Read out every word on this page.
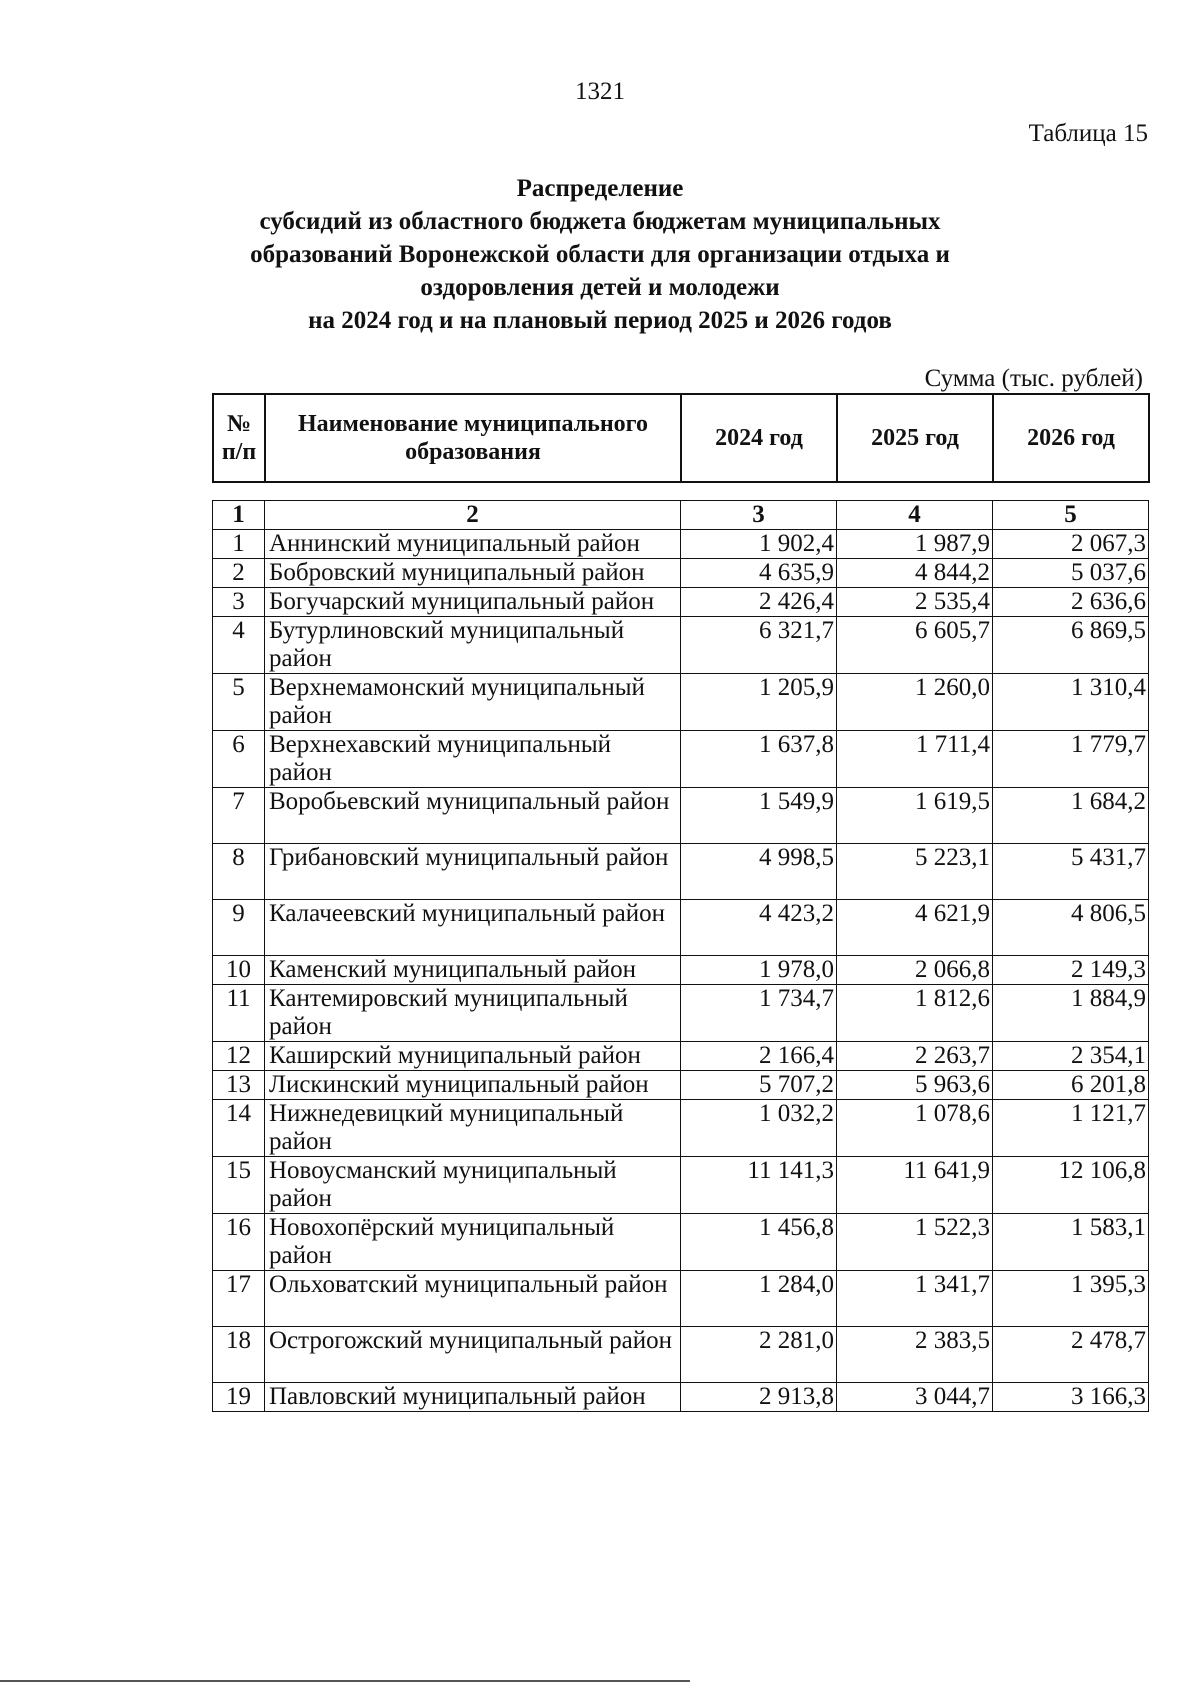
1321
Таблица 15
Распределение
субсидий из областного бюджета бюджетам муниципальных
образований Воронежской области для организации отдыха и
оздоровления детей и молодежи
на 2024 год и на плановый период 2025 и 2026 годов
Сумма (тыс. рублей)
№ п/п	Наименование муниципального образования	2024 год	2025 год	2026 год
1	2	3	4	5
1	Аннинский муниципальный район	1 902,4	1 987,9	2 067,3
2	Бобровский муниципальный район	4 635,9	4 844,2	5 037,6
3	Богучарский муниципальный район	2 426,4	2 535,4	2 636,6
4	Бутурлиновский муниципальный район	6 321,7	6 605,7	6 869,5
5	Верхнемамонский муниципальный район	1 205,9	1 260,0	1 310,4
6	Верхнехавский муниципальный район	1 637,8	1 711,4	1 779,7
7	Воробьевский муниципальный район	1 549,9	1 619,5	1 684,2
8	Грибановский муниципальный район	4 998,5	5 223,1	5 431,7
9	Калачеевский муниципальный район	4 423,2	4 621,9	4 806,5
10	Каменский муниципальный район	1 978,0	2 066,8	2 149,3
11	Кантемировский муниципальный район	1 734,7	1 812,6	1 884,9
12	Каширский муниципальный район	2 166,4	2 263,7	2 354,1
13	Лискинский муниципальный район	5 707,2	5 963,6	6 201,8
14	Нижнедевицкий муниципальный район	1 032,2	1 078,6	1 121,7
15	Новоусманский муниципальный район	11 141,3	11 641,9	12 106,8
16	Новохопёрский муниципальный район	1 456,8	1 522,3	1 583,1
17	Ольховатский муниципальный район	1 284,0	1 341,7	1 395,3
18	Острогожский муниципальный район	2 281,0	2 383,5	2 478,7
19	Павловский муниципальный район	2 913,8	3 044,7	3 166,3
